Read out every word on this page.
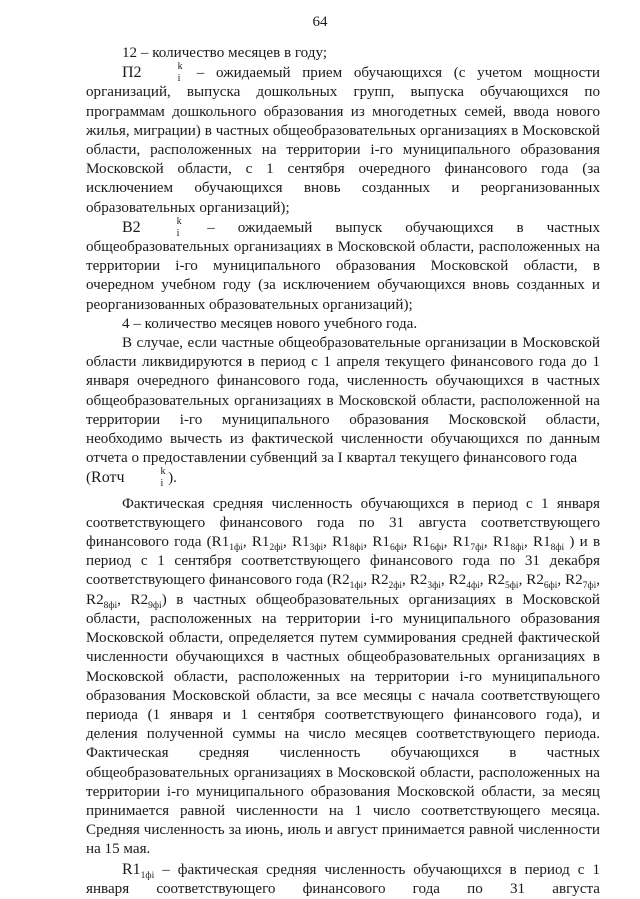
64

12 – количество месяцев в году;

П2	k
i – ожидаемый прием обучающихся (с учетом мощности организаций, выпуска дошкольных групп, выпуска обучающихся по программам дошкольного образования из многодетных семей, ввода нового жилья, миграции) в частных общеобразовательных организациях в Московской области, расположенных на территории i-го муниципального образования Московской области, с 1 сентября очередного финансового года (за исключением обучающихся вновь созданных и реорганизованных образовательных организаций);

В2	k
i – ожидаемый выпуск обучающихся в частных общеобразовательных организациях в Московской области, расположенных на территории i-го муниципального образования Московской области, в очередном учебном году (за исключением обучающихся вновь созданных и реорганизованных образовательных организаций);

4 – количество месяцев нового учебного года.

В случае, если частные общеобразовательные организации в Московской области ликвидируются в период с 1 апреля текущего финансового года до 1 января очередного финансового года, численность обучающихся в частных общеобразовательных организациях в Московской области, расположенной на территории i-го муниципального образования Московской области, необходимо вычесть из фактической численности обучающихся по данным отчета о предоставлении субвенций за I квартал текущего финансового года
(Rотч	k
i ).

Фактическая средняя численность обучающихся в период с 1 января соответствующего финансового года по 31 августа соответствующего финансового года ($R1_{1фi}$, $R1_{2фi}$, $R1_{3фi}$, $R1_{8фi}$, $R1_{6фi}$, $R1_{6фi}$, $R1_{7фi}$, $R1_{8фi}$, $R1_{8фi}$ ) и в период с 1 сентября соответствующего финансового года по 31 декабря соответствующего финансового года ($R2_{1фi}$, $R2_{2фi}$, $R2_{3фi}$, $R2_{4фi}$, $R2_{5фi}$, $R2_{6фi}$, $R2_{7фi}$, $R2_{8фi}$, $R2_{9фi}$) в частных общеобразовательных организациях в Московской области, расположенных на территории i-го муниципального образования Московской области, определяется путем суммирования средней фактической численности обучающихся в частных общеобразовательных организациях в Московской области, расположенных на территории i-го муниципального образования Московской области, за все месяцы с начала соответствующего периода (1 января и 1 сентября соответствующего финансового года), и деления полученной суммы на число месяцев соответствующего периода. Фактическая средняя численность обучающихся в частных общеобразовательных организациях в Московской области, расположенных на территории i-го муниципального образования Московской области, за месяц принимается равной численности на 1 число соответствующего месяца. Средняя численность за июнь, июль и август принимается равной численности на 15 мая.

$R1_{1фi}$ – фактическая средняя численность обучающихся в период с 1 января соответствующего финансового года по 31 августа
